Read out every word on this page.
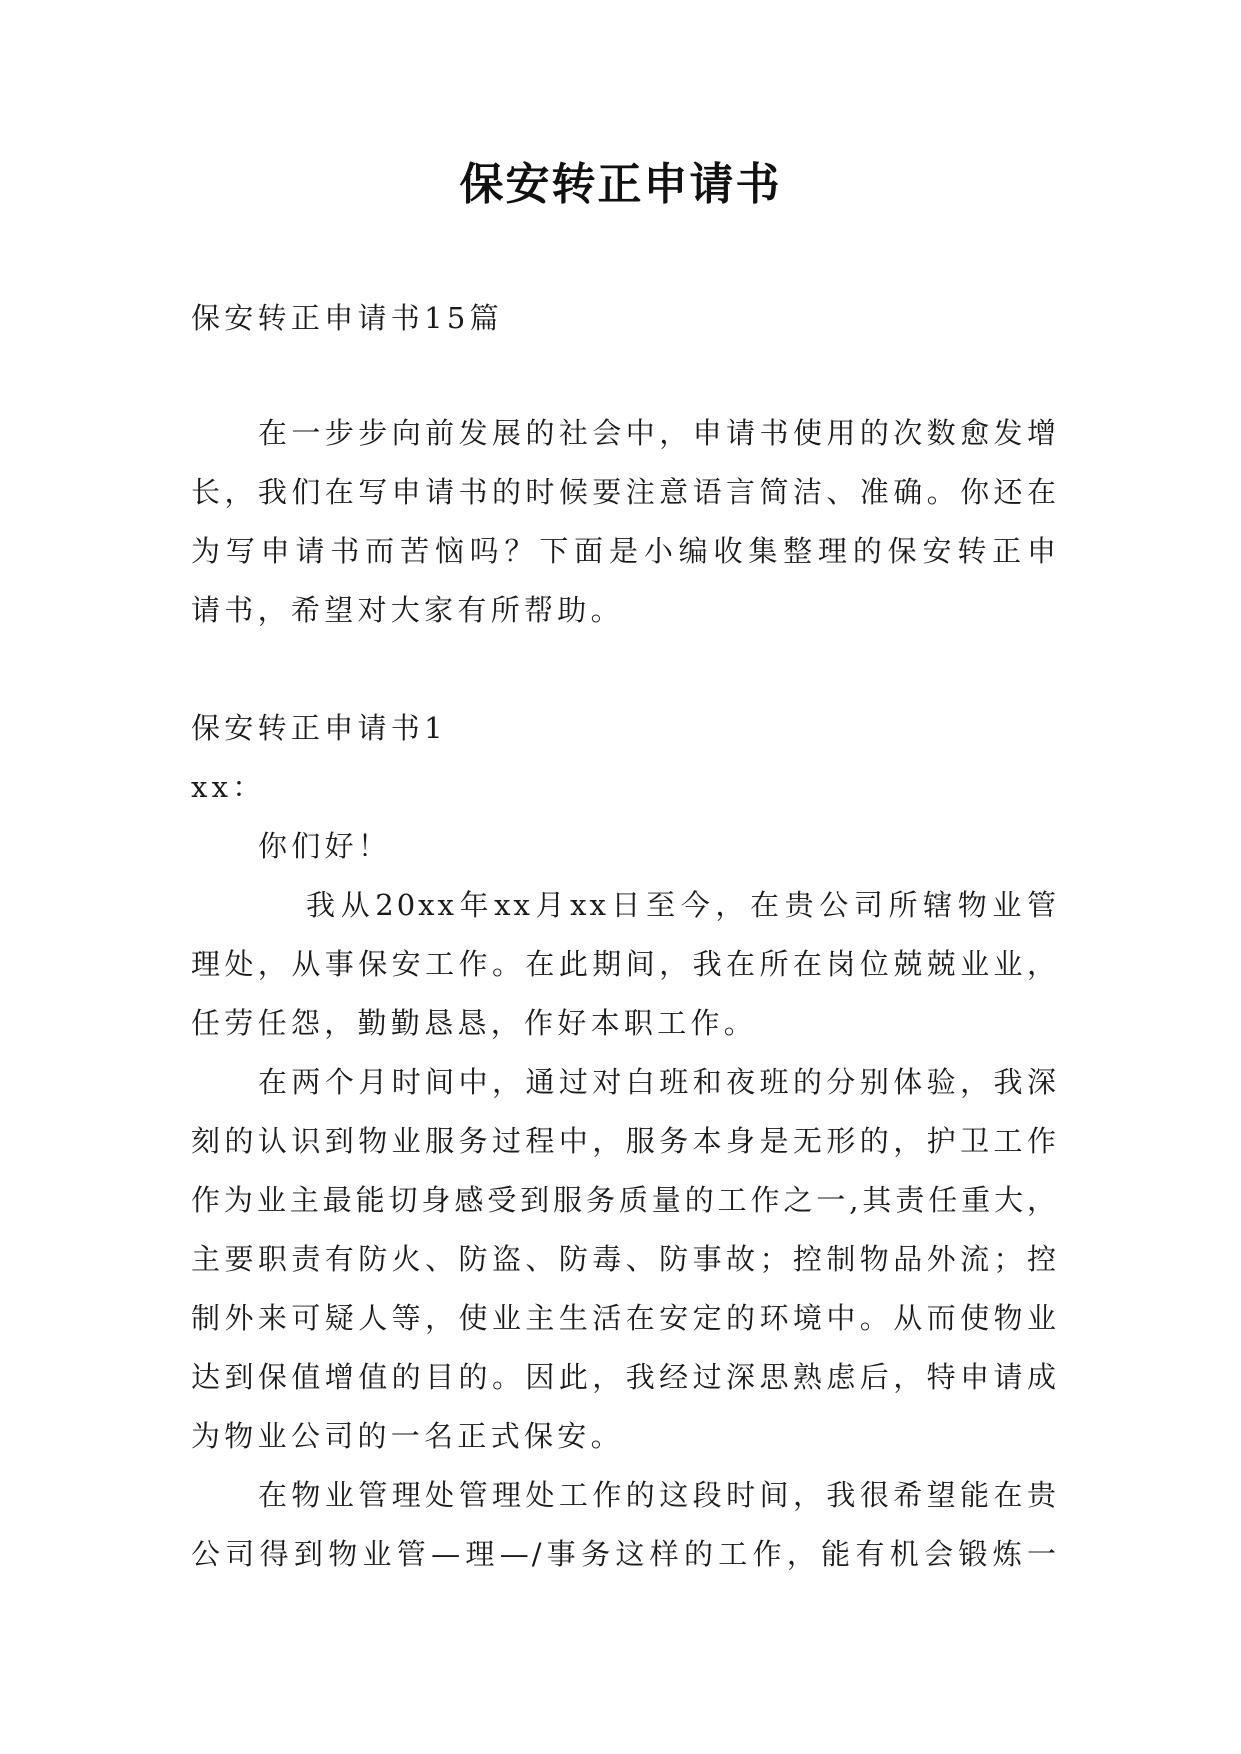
保安转正申请书
保安转正申请书15篇
在一步步向前发展的社会中，申请书使用的次数愈发增
长，我们在写申请书的时候要注意语言简洁、准确。你还在
为写申请书而苦恼吗？下面是小编收集整理的保安转正申
请书，希望对大家有所帮助。
保安转正申请书1
xx：
你们好！
我从20xx年xx月xx日至今，在贵公司所辖物业管
理处，从事保安工作。在此期间，我在所在岗位兢兢业业，
任劳任怨，勤勤恳恳，作好本职工作。
在两个月时间中，通过对白班和夜班的分别体验，我深
刻的认识到物业服务过程中，服务本身是无形的，护卫工作
作为业主最能切身感受到服务质量的工作之一,其责任重大，
主要职责有防火、防盗、防毒、防事故；控制物品外流；控
制外来可疑人等，使业主生活在安定的环境中。从而使物业
达到保值增值的目的。因此，我经过深思熟虑后，特申请成
为物业公司的一名正式保安。
在物业管理处管理处工作的这段时间，我很希望能在贵
公司得到物业管—理—/事务这样的工作，能有机会锻炼一
